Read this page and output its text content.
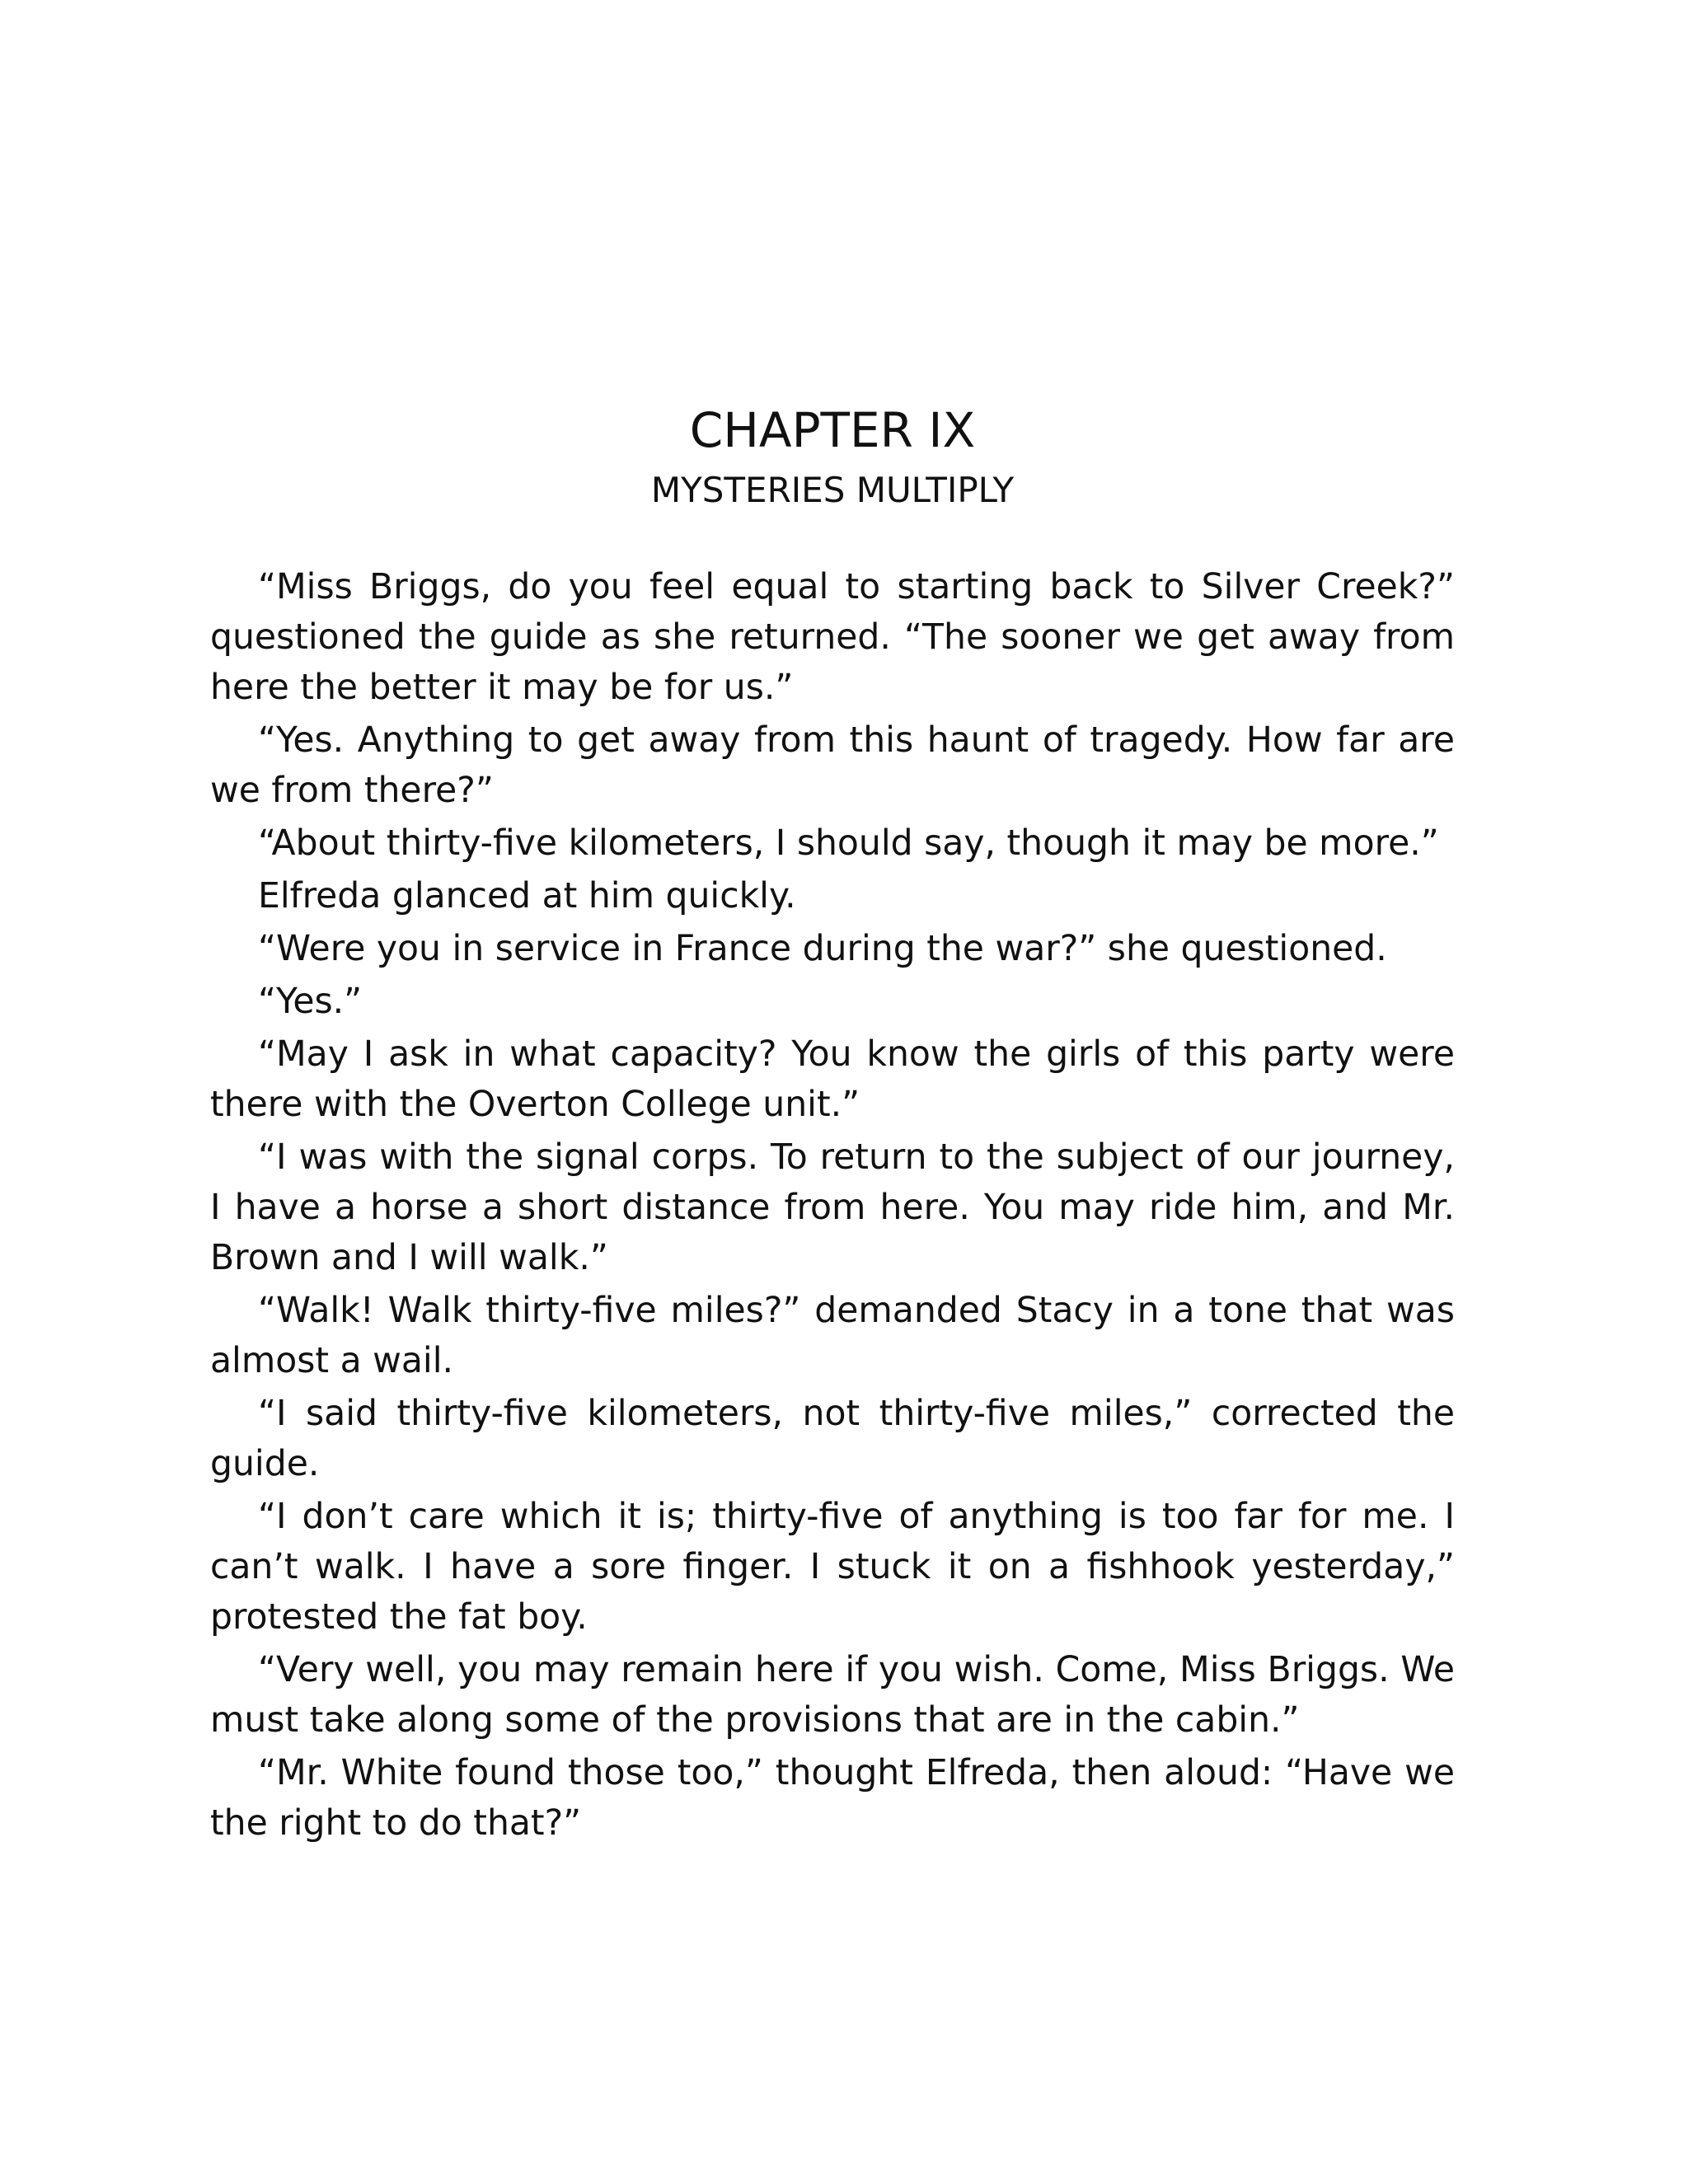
CHAPTER IX
MYSTERIES MULTIPLY

“Miss Briggs, do you feel equal to starting back to Silver Creek?” questioned the guide as she returned. “The sooner we get away from here the better it may be for us.”

“Yes. Anything to get away from this haunt of tragedy. How far are we from there?”

“About thirty-five kilometers, I should say, though it may be more.”

Elfreda glanced at him quickly.

“Were you in service in France during the war?” she questioned.

“Yes.”

“May I ask in what capacity? You know the girls of this party were there with the Overton College unit.”

“I was with the signal corps. To return to the subject of our journey, I have a horse a short distance from here. You may ride him, and Mr. Brown and I will walk.”

“Walk! Walk thirty-five miles?” demanded Stacy in a tone that was almost a wail.

“I said thirty-five kilometers, not thirty-five miles,” corrected the guide.

“I don’t care which it is; thirty-five of anything is too far for me. I can’t walk. I have a sore finger. I stuck it on a fishhook yesterday,” protested the fat boy.

“Very well, you may remain here if you wish. Come, Miss Briggs. We must take along some of the provisions that are in the cabin.”

“Mr. White found those too,” thought Elfreda, then aloud: “Have we the right to do that?”
